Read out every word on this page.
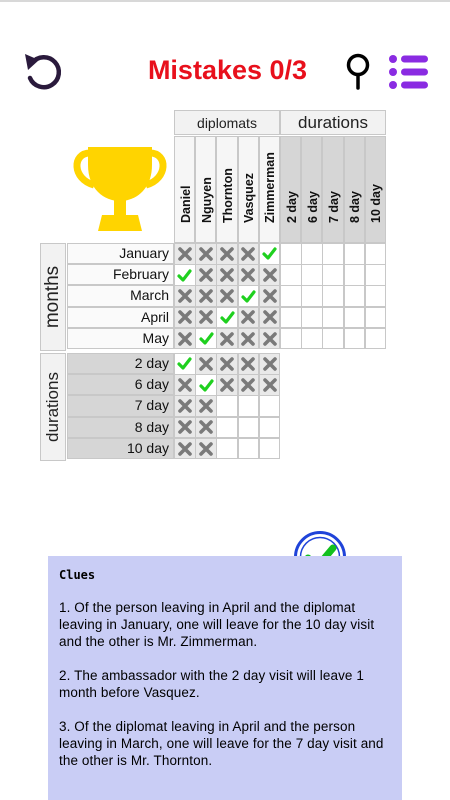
Mistakes 0/3
diplomats	durations
Daniel Nguyen Thornton Vasquez Zimmerman 2 day 6 day 7 day 8 day 10 day
months
durations
January
February
March
April
May
2 day
6 day
7 day
8 day
10 day
Clues
1. Of the person leaving in April and the diplomat leaving in January, one will leave for the 10 day visit and the other is Mr. Zimmerman.
2. The ambassador with the 2 day visit will leave 1 month before Vasquez.
3. Of the diplomat leaving in April and the person leaving in March, one will leave for the 7 day visit and the other is Mr. Thornton.
